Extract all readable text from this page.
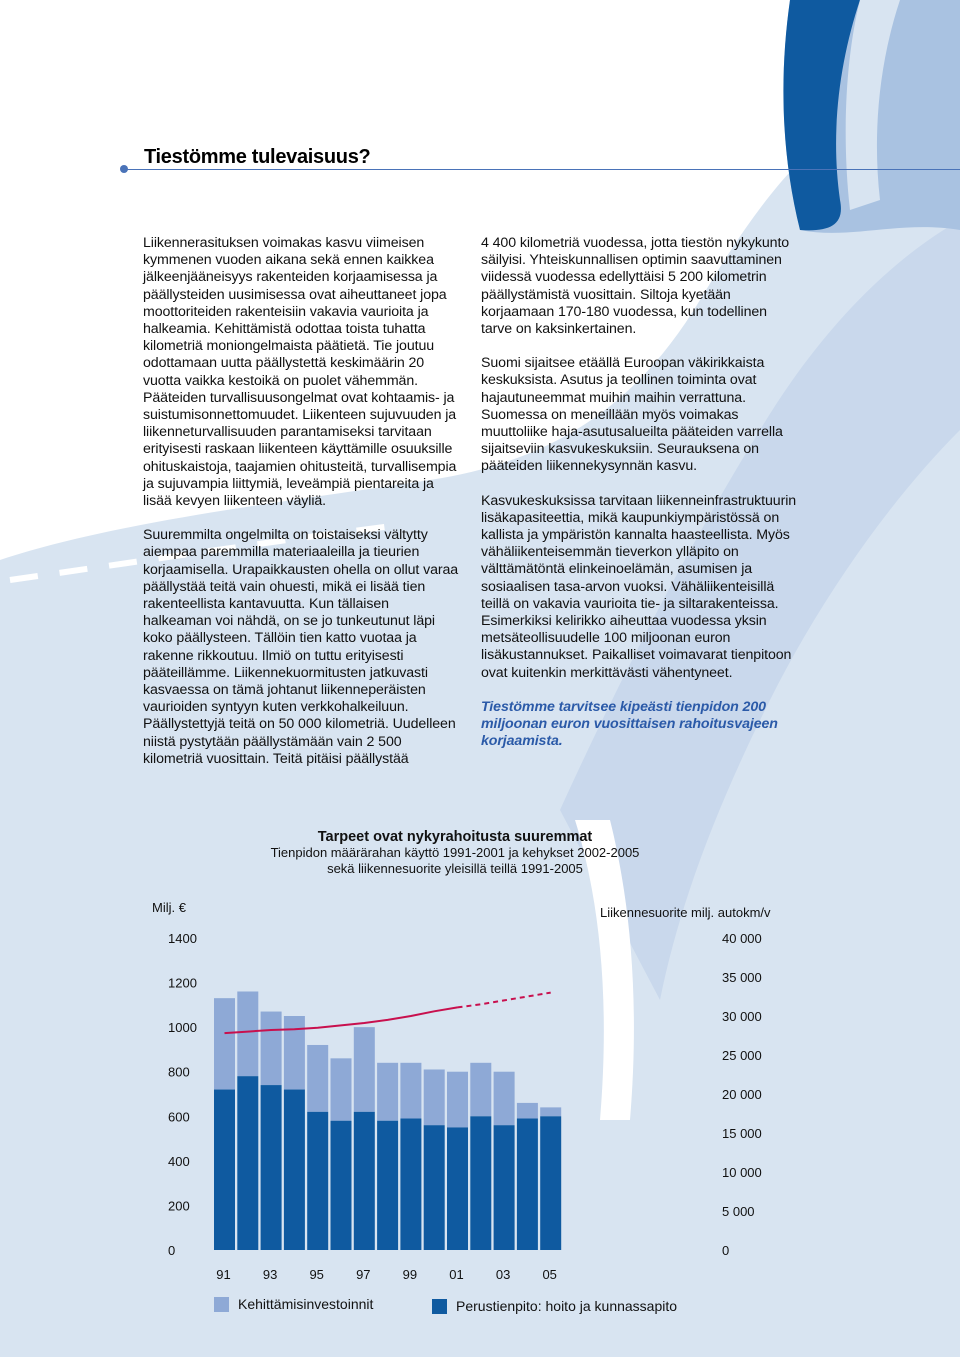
Tiestömme tulevaisuus?

Liikennerasituksen voimakas kasvu viimeisen kymmenen vuoden aikana sekä ennen kaikkea jälkeenjääneisyys rakenteiden korjaamisessa ja päällysteiden uusimisessa ovat aiheuttaneet jopa moottoriteiden rakenteisiin vakavia vaurioita ja halkeamia. Kehittämistä odottaa toista tuhatta kilometriä moniongelmaista päätietä. Tie joutuu odottamaan uutta päällystettä keskimäärin 20 vuotta vaikka kestoikä on puolet vähemmän. Pääteiden turvallisuusongelmat ovat kohtaamis- ja suistumisonnettomuudet. Liikenteen sujuvuuden ja liikenneturvallisuuden parantamiseksi tarvitaan erityisesti raskaan liikenteen käyttämille osuuksille ohituskaistoja, taajamien ohitusteitä, turvallisempia ja sujuvampia liittymiä, leveämpiä pientareita ja lisää kevyen liikenteen väyliä.

Suuremmilta ongelmilta on toistaiseksi vältytty aiempaa paremmilla materiaaleilla ja tieurien korjaamisella. Urapaikkausten ohella on ollut varaa päällystää teitä vain ohuesti, mikä ei lisää tien rakenteellista kantavuutta. Kun tällaisen halkeaman voi nähdä, on se jo tunkeutunut läpi koko päällysteen. Tällöin tien katto vuotaa ja rakenne rikkoutuu. Ilmiö on tuttu erityisesti pääteillämme. Liikennekuormitusten jatkuvasti kasvaessa on tämä johtanut liikenneperäisten vaurioiden syntyyn kuten verkkohalkeiluun. Päällystettyjä teitä on 50 000 kilometriä. Uudelleen niistä pystytään päällystämään vain 2 500 kilometriä vuosittain. Teitä pitäisi päällystää

4 400 kilometriä vuodessa, jotta tiestön nykykunto säilyisi. Yhteiskunnallisen optimin saavuttaminen viidessä vuodessa edellyttäisi 5 200 kilometrin päällystämistä vuosittain. Siltoja kyetään korjaamaan 170-180 vuodessa, kun todellinen tarve on kaksinkertainen.

Suomi sijaitsee etäällä Euroopan väkirikkaista keskuksista. Asutus ja teollinen toiminta ovat hajautuneemmat muihin maihin verrattuna. Suomessa on meneillään myös voimakas muuttoliike haja-asutusalueilta pääteiden varrella sijaitseviin kasvukeskuksiin. Seurauksena on pääteiden liikennekysynnän kasvu.

Kasvukeskuksissa tarvitaan liikenneinfrastruktuurin lisäkapasiteettia, mikä kaupunkiympäristössä on kallista ja ympäristön kannalta haasteellista. Myös vähäliikenteisemmän tieverkon ylläpito on välttämätöntä elinkeinoelämän, asumisen ja sosiaalisen tasa-arvon vuoksi. Vähäliikenteisillä teillä on vakavia vaurioita tie- ja siltarakenteissa. Esimerkiksi kelirikko aiheuttaa vuodessa yksin metsäteollisuudelle 100 miljoonan euron lisäkustannukset. Paikalliset voimavarat tienpitoon ovat kuitenkin merkittävästi vähentyneet.

Tiestömme tarvitsee kipeästi tienpidon 200 miljoonan euron vuosittaisen rahoitusvajeen korjaamista.

Tarpeet ovat nykyrahoitusta suuremmat
Tienpidon määrärahan käyttö 1991-2001 ja kehykset 2002-2005
sekä liikennesuorite yleisillä teillä 1991-2005
Milj. €	Liikennesuorite milj. autokm/v
1400
1200
1000
800
600
400
200
0
40 000
35 000
30 000
25 000
20 000
15 000
10 000
5 000
0
91 93 95 97 99 01 03 05
Kehittämisinvestoinnit	Perustienpito: hoito ja kunnassapito
